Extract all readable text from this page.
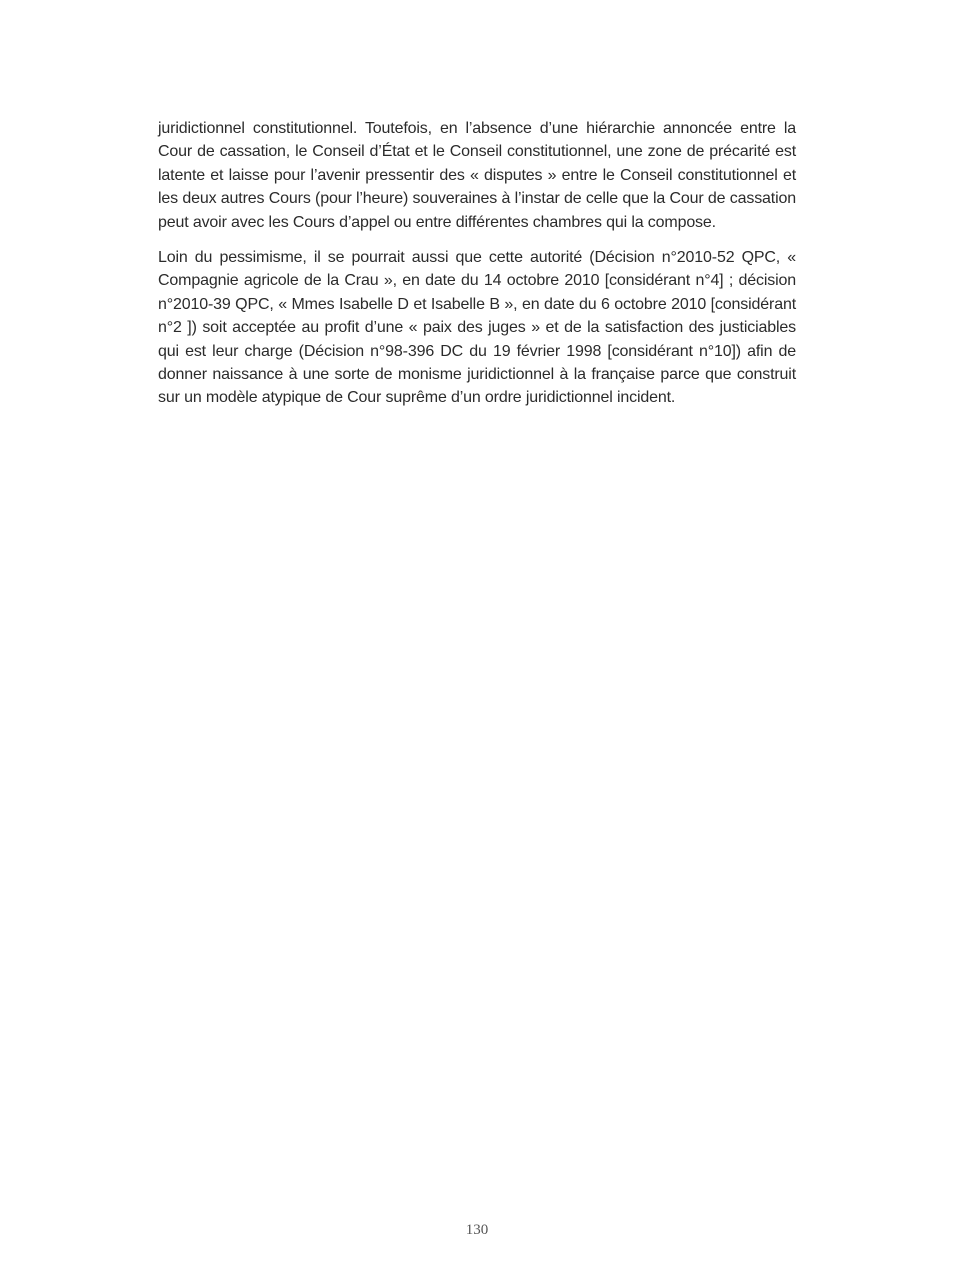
juridictionnel constitutionnel. Toutefois, en l’absence d’une hiérarchie annoncée entre la Cour de cassation, le Conseil d’État et le Conseil constitutionnel, une zone de précarité est latente et laisse pour l’avenir pressentir des « disputes » entre le Conseil constitutionnel et les deux autres Cours (pour l’heure) souveraines à l’instar de celle que la Cour de cassation peut avoir avec les Cours d’appel ou entre différentes chambres qui la compose.

Loin du pessimisme, il se pourrait aussi que cette autorité (Décision n°2010-52 QPC, « Compagnie agricole de la Crau », en date du 14 octobre 2010 [considérant n°4] ; décision n°2010-39 QPC, « Mmes Isabelle D et Isabelle B », en date du 6 octobre 2010 [considérant n°2 ]) soit acceptée au profit d’une « paix des juges » et de la satisfaction des justiciables qui est leur charge (Décision n°98-396 DC du 19 février 1998 [considérant n°10]) afin de donner naissance à une sorte de monisme juridictionnel à la française parce que construit sur un modèle atypique de Cour suprême d’un ordre juridictionnel incident.

130
